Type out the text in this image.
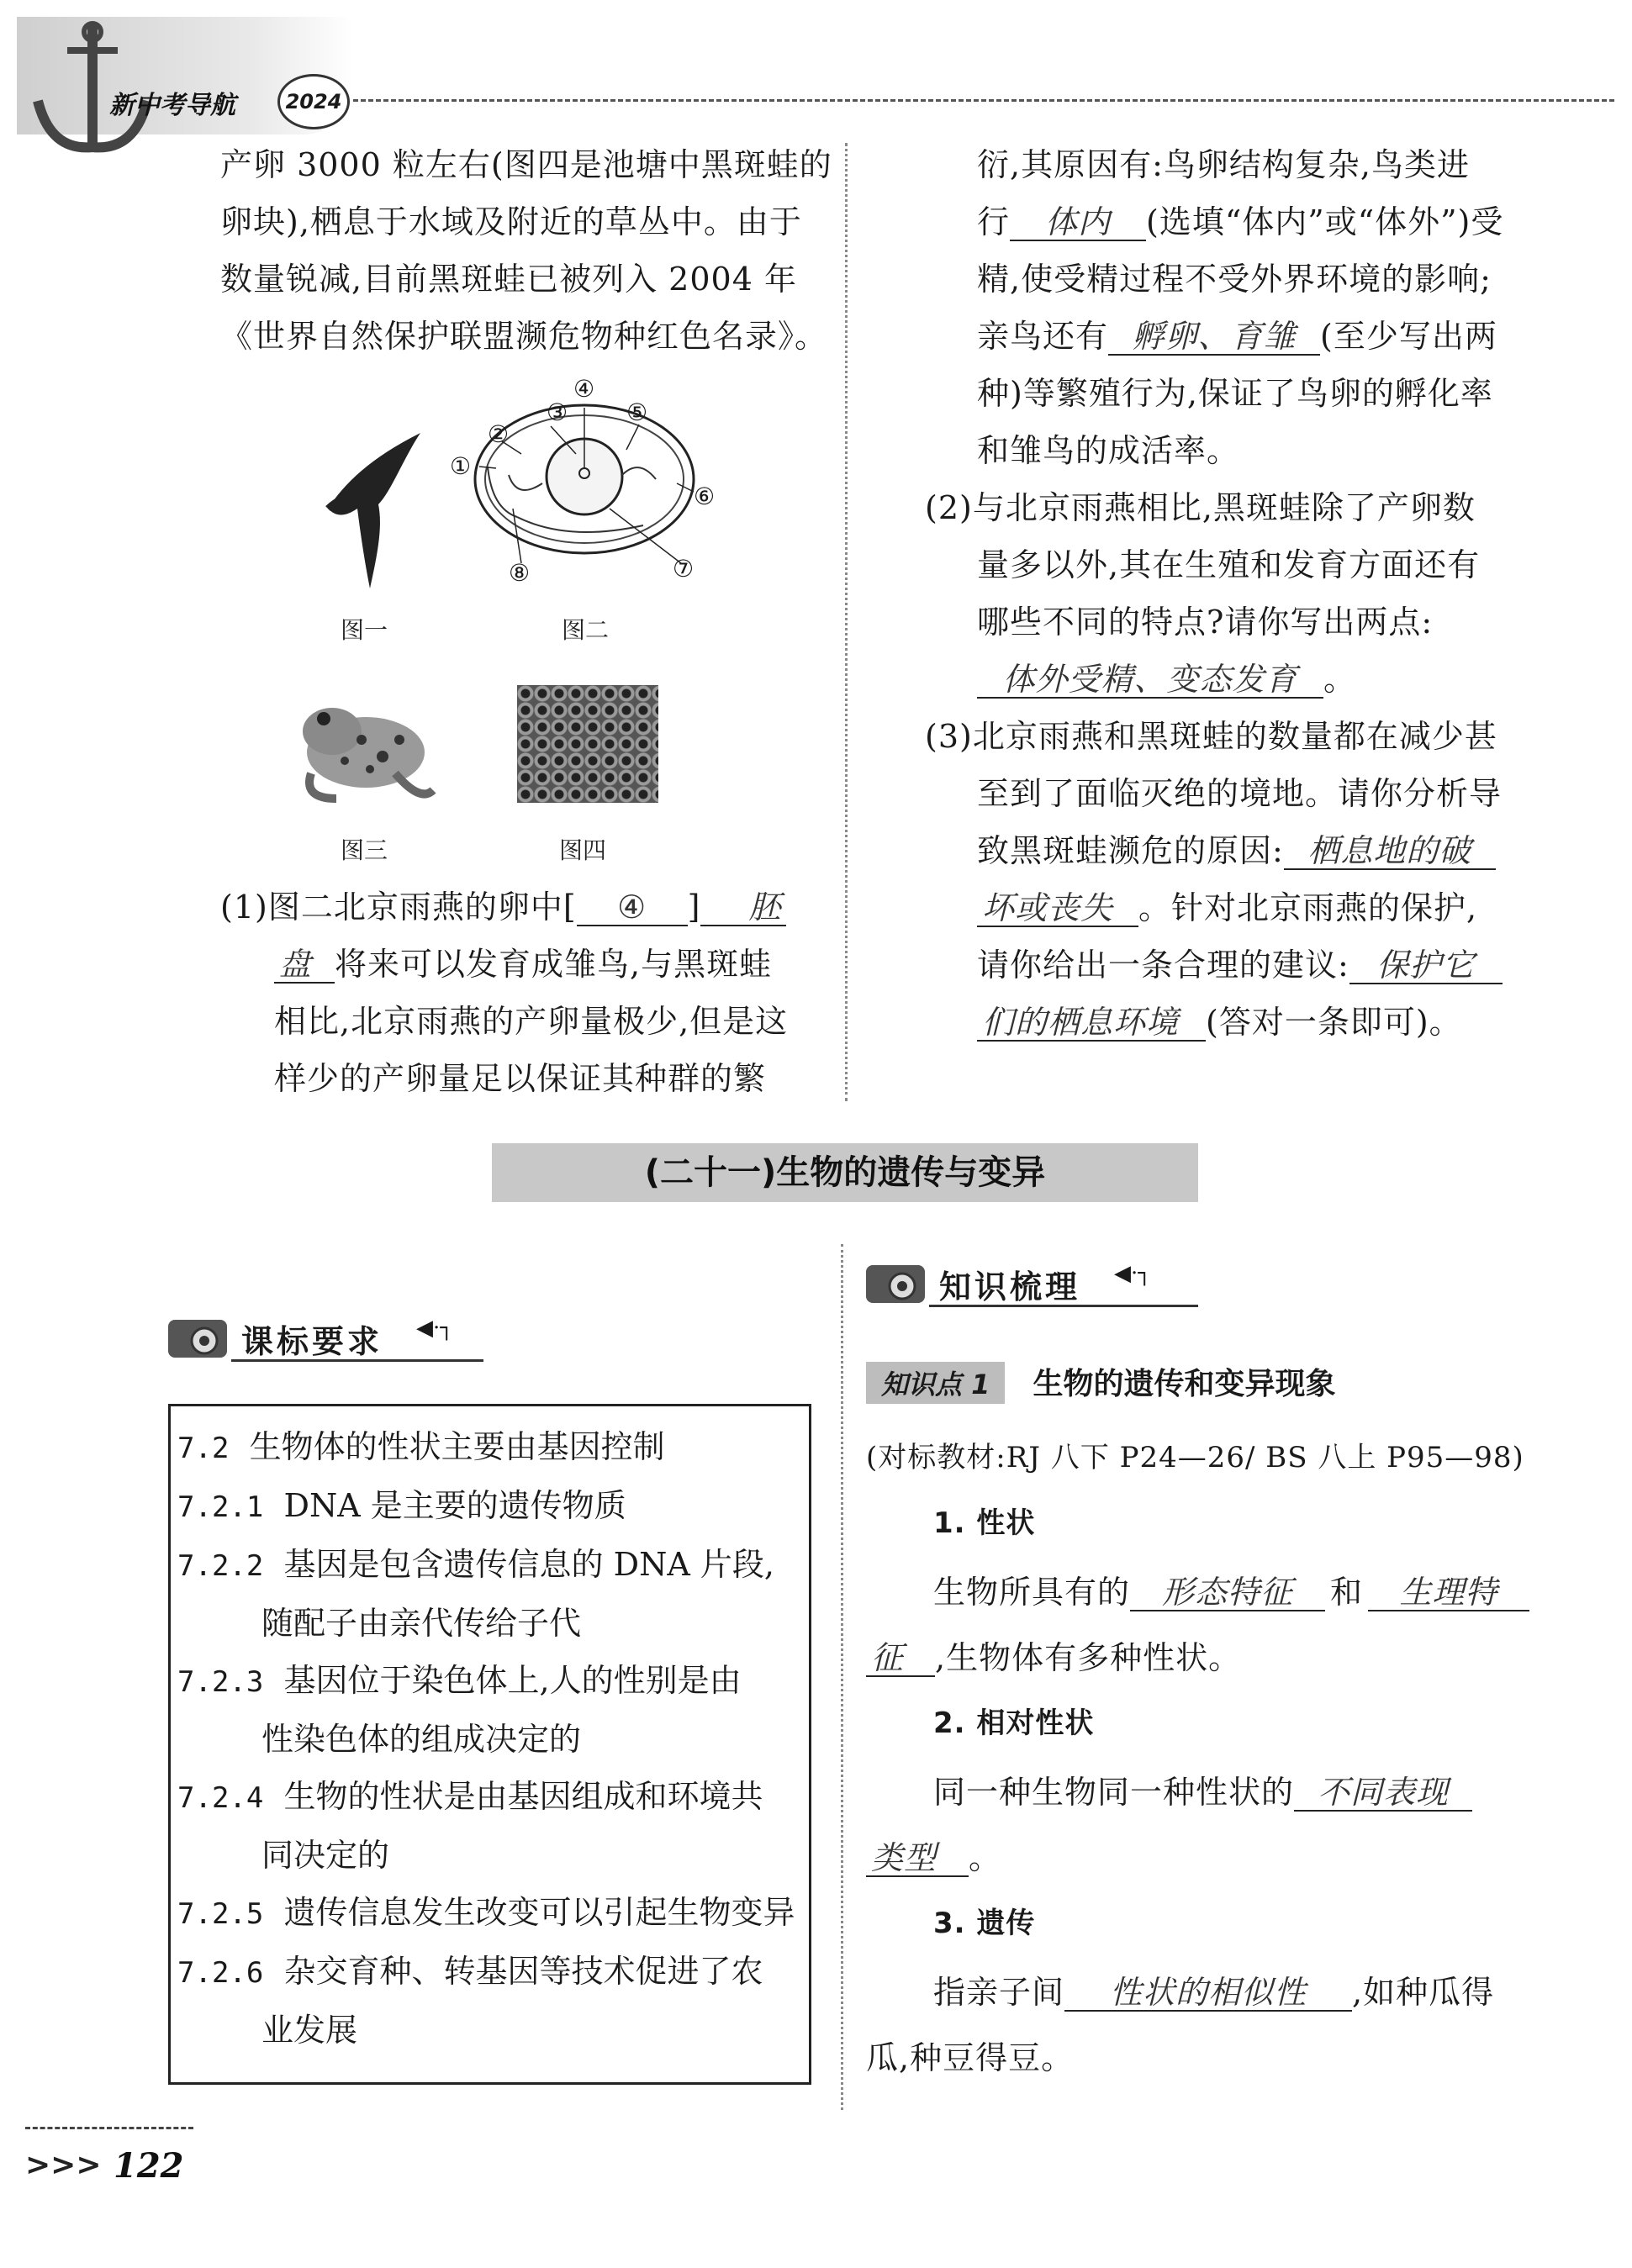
新中考导航	2024
产卵 3000 粒左右(图四是池塘中黑斑蛙的
卵块),栖息于水域及附近的草丛中。由于
数量锐减,目前黑斑蛙已被列入 2004 年
《世界自然保护联盟濒危物种红色名录》。
图一
①
②
③
④
⑤
⑥
⑦
⑧
图二
图三	图四
(1)图二北京雨燕的卵中[ ④ ] 胚
盘 将来可以发育成雏鸟,与黑斑蛙
相比,北京雨燕的产卵量极少,但是这
样少的产卵量足以保证其种群的繁
衍,其原因有:鸟卵结构复杂,鸟类进
行 体内 (选填“体内”或“体外”)受
精,使受精过程不受外界环境的影响;
亲鸟还有 孵卵、育雏 (至少写出两
种)等繁殖行为,保证了鸟卵的孵化率
和雏鸟的成活率。
(2)与北京雨燕相比,黑斑蛙除了产卵数
量多以外,其在生殖和发育方面还有
哪些不同的特点?请你写出两点:
体外受精、变态发育 。
(3)北京雨燕和黑斑蛙的数量都在减少甚
至到了面临灭绝的境地。请你分析导
致黑斑蛙濒危的原因: 栖息地的破
坏或丧失 。针对北京雨燕的保护,
请你给出一条合理的建议: 保护它
们的栖息环境 (答对一条即可)。
(二十一)生物的遗传与变异
课标要求 ◀·┐
7.2 生物体的性状主要由基因控制
7.2.1 DNA 是主要的遗传物质
7.2.2 基因是包含遗传信息的 DNA 片段,
随配子由亲代传给子代
7.2.3 基因位于染色体上,人的性别是由
性染色体的组成决定的
7.2.4 生物的性状是由基因组成和环境共
同决定的
7.2.5 遗传信息发生改变可以引起生物变异
7.2.6 杂交育种、转基因等技术促进了农
业发展
知识梳理 ◀·┐
知识点 1 生物的遗传和变异现象
(对标教材:RJ 八下 P24—26/ BS 八上 P95—98)
1. 性状
生物所具有的 形态特征 和 生理特
征 ,生物体有多种性状。
2. 相对性状
同一种生物同一种性状的 不同表现
类型 。
3. 遗传
指亲子间 性状的相似性 ,如种瓜得
瓜,种豆得豆。
>>> 122
